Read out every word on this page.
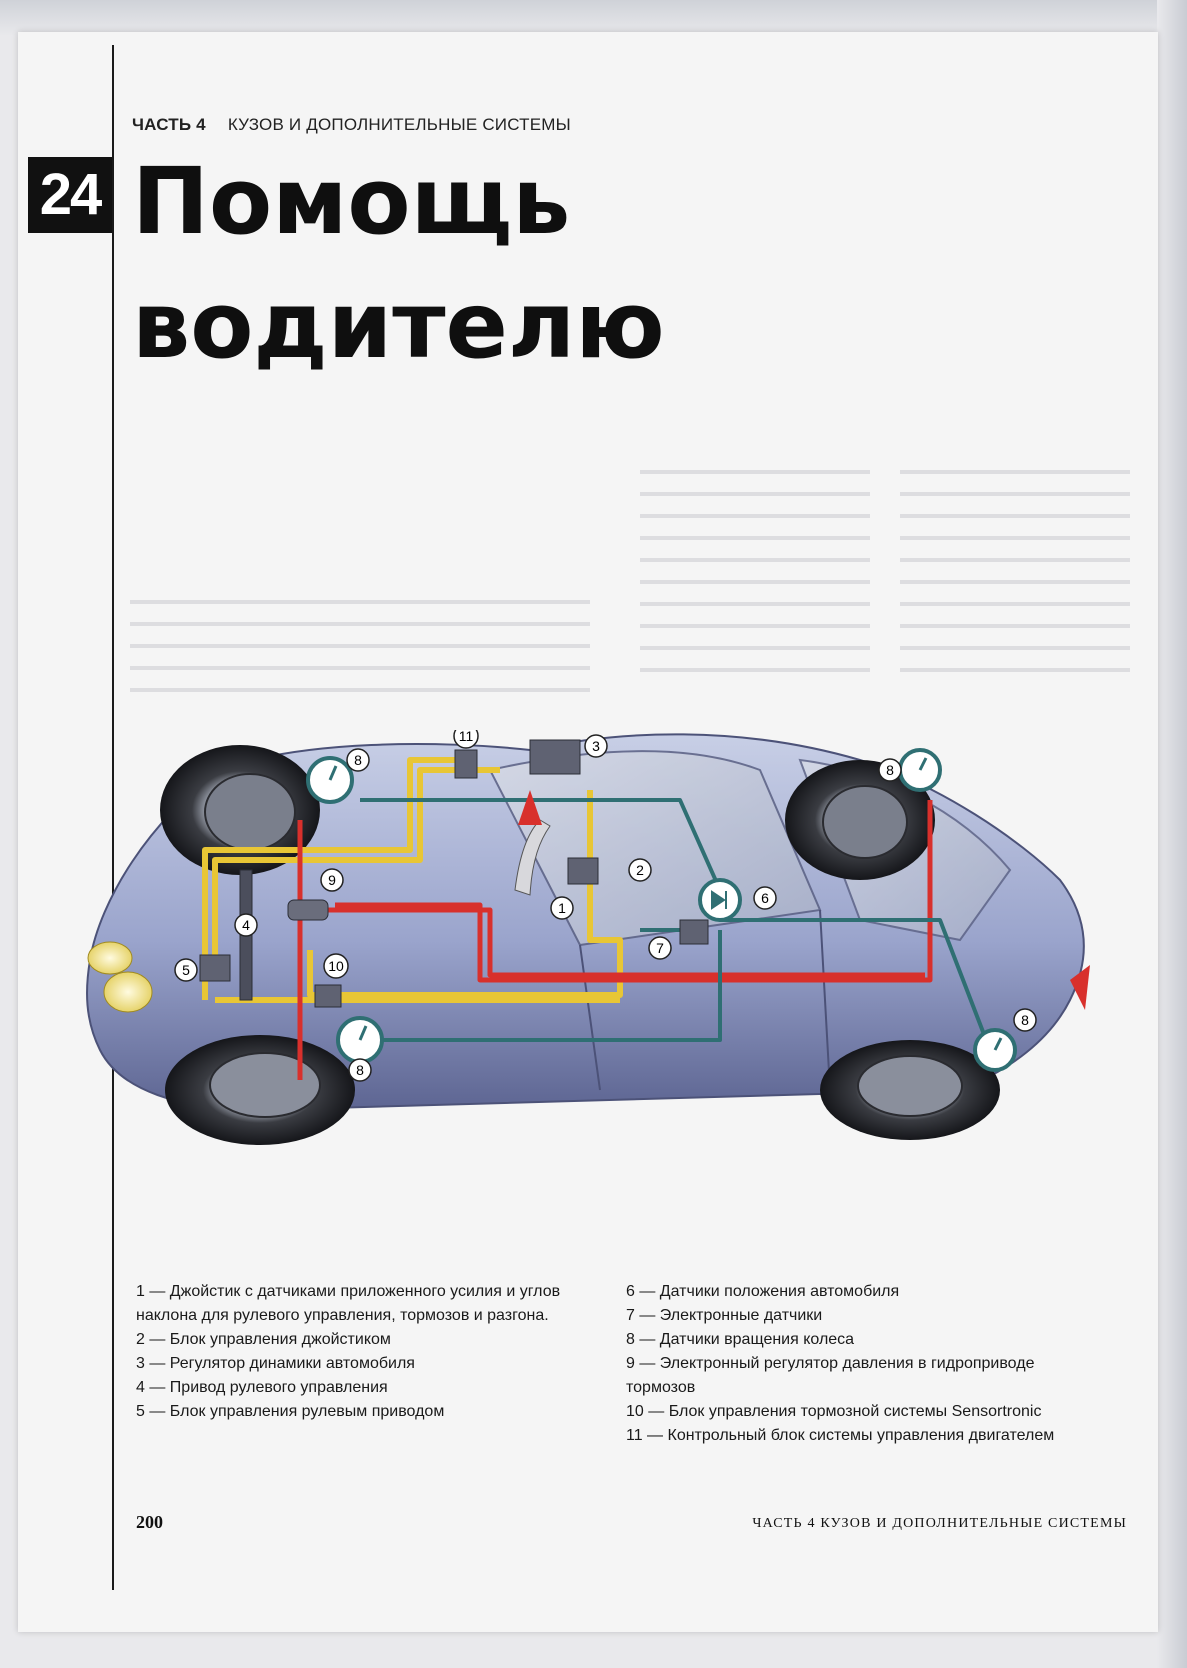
ЧАСТЬ 4 КУЗОВ И ДОПОЛНИТЕЛЬНЫЕ СИСТЕМЫ
24 Помощь
водителю
1
2
3
4
5
6
7
8
8
8
8
9
10
11

1 — Джойстик с датчиками приложенного усилия и углов наклона для рулевого управления, тормозов и разгона.

2 — Блок управления джойстиком

3 — Регулятор динамики автомобиля

4 — Привод рулевого управления

5 — Блок управления рулевым приводом

6 — Датчики положения автомобиля

7 — Электронные датчики

8 — Датчики вращения колеса

9 — Электронный регулятор давления в гидроприводе тормозов

10 — Блок управления тормозной системы Sensortronic

11 — Контрольный блок системы управления двигателем

200	ЧАСТЬ 4 КУЗОВ И ДОПОЛНИТЕЛЬНЫЕ СИСТЕМЫ
